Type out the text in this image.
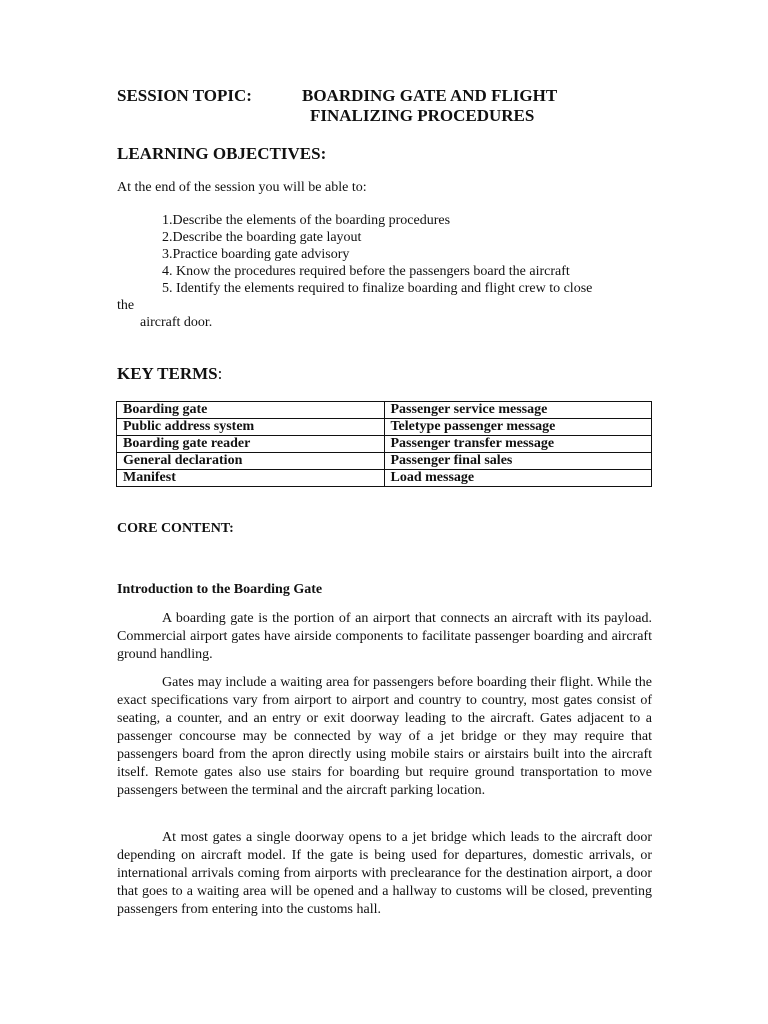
SESSION TOPIC:	BOARDING GATE AND FLIGHT
FINALIZING PROCEDURES
LEARNING OBJECTIVES:
At the end of the session you will be able to:
1.Describe the elements of the boarding procedures
2.Describe the boarding gate layout
3.Practice boarding gate advisory
4. Know the procedures required before the passengers board the aircraft
5. Identify the elements required to finalize boarding and flight crew to close
the
aircraft door.
KEY TERMS:
Boarding gate	Passenger service message
Public address system	Teletype passenger message
Boarding gate reader	Passenger transfer message
General declaration	Passenger final sales
Manifest	Load message
CORE CONTENT:
Introduction to the Boarding Gate

A boarding gate is the portion of an airport that connects an aircraft with its payload. Commercial airport gates have airside components to facilitate passenger boarding and aircraft ground handling.

Gates may include a waiting area for passengers before boarding their flight. While the exact specifications vary from airport to airport and country to country, most gates consist of seating, a counter, and an entry or exit doorway leading to the aircraft. Gates adjacent to a passenger concourse may be connected by way of a jet bridge or they may require that passengers board from the apron directly using mobile stairs or airstairs built into the aircraft itself. Remote gates also use stairs for boarding but require ground transportation to move passengers between the terminal and the aircraft parking location.

At most gates a single doorway opens to a jet bridge which leads to the aircraft door depending on aircraft model. If the gate is being used for departures, domestic arrivals, or international arrivals coming from airports with preclearance for the destination airport, a door that goes to a waiting area will be opened and a hallway to customs will be closed, preventing passengers from entering into the customs hall.
